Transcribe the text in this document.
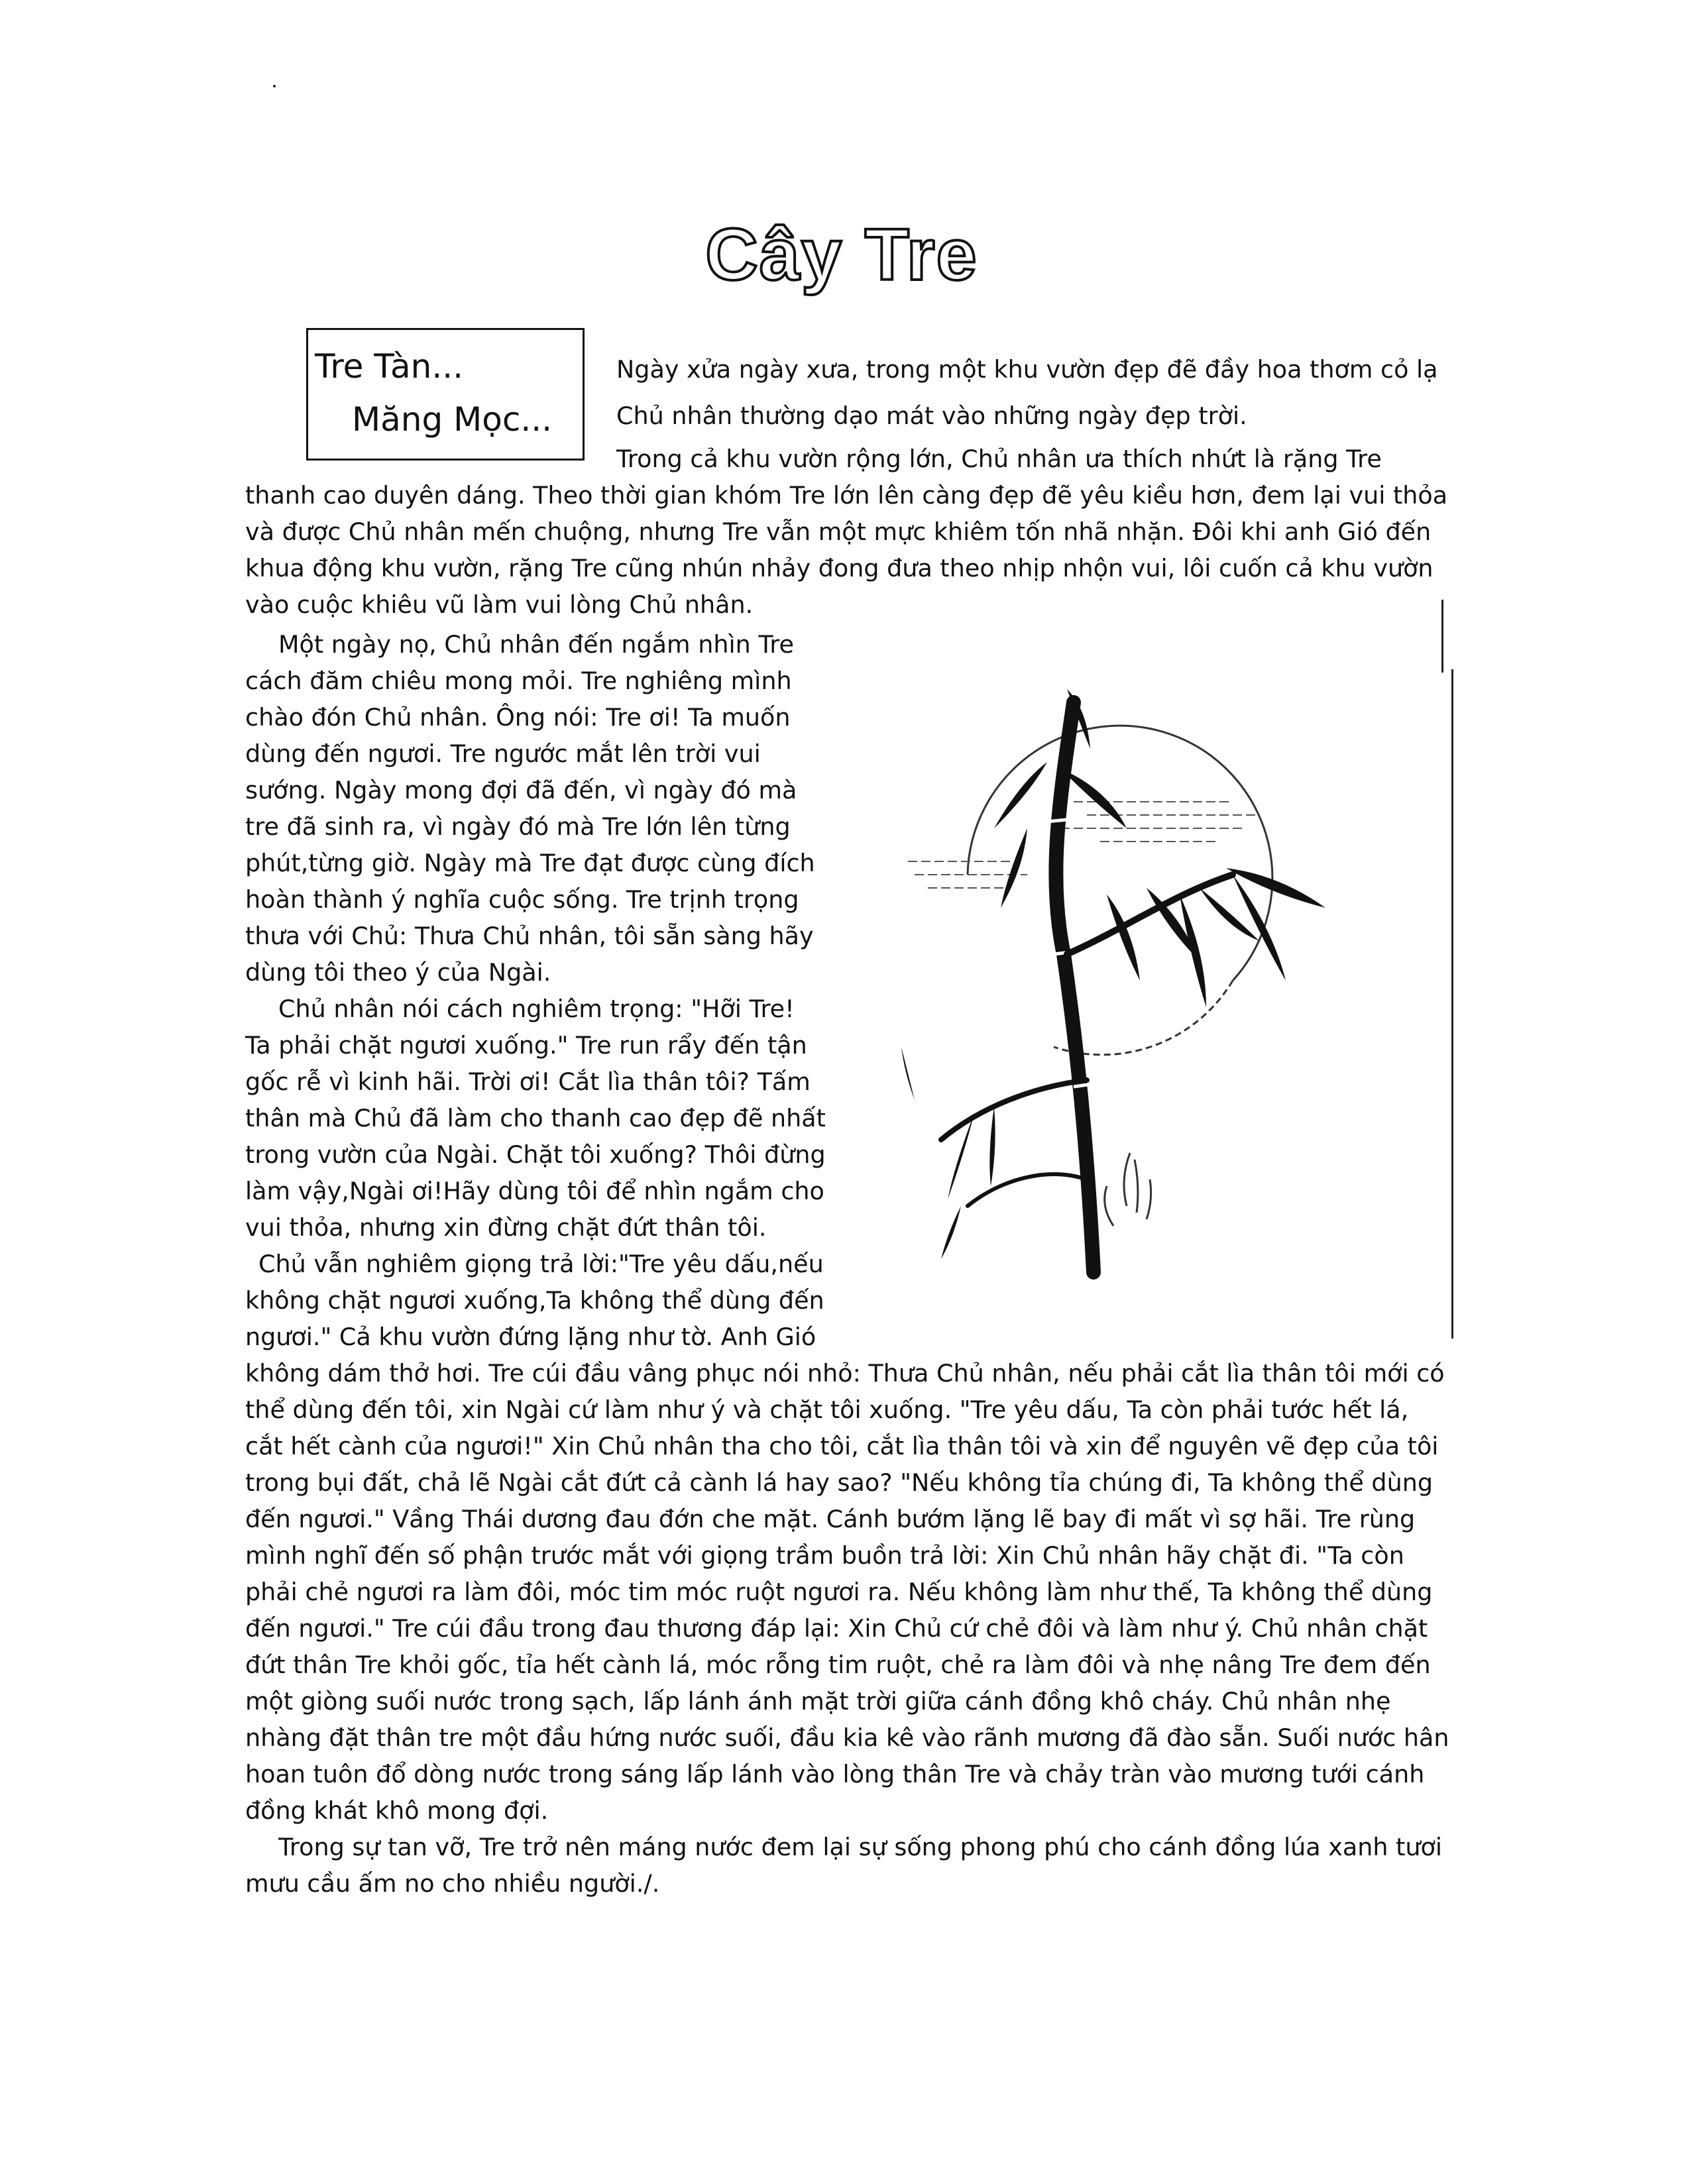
Cây Tre
Tre Tàn...
Măng Mọc...
Ngày xửa ngày xưa, trong một khu vườn đẹp đẽ đầy hoa thơm cỏ lạ
Chủ nhân thường dạo mát vào những ngày đẹp trời.
Trong cả khu vườn rộng lớn, Chủ nhân ưa thích nhứt là rặng Tre
thanh cao duyên dáng. Theo thời gian khóm Tre lớn lên càng đẹp đẽ yêu kiều hơn, đem lại vui thỏa
và được Chủ nhân mến chuộng, nhưng Tre vẫn một mực khiêm tốn nhã nhặn. Đôi khi anh Gió đến
khua động khu vườn, rặng Tre cũng nhún nhảy đong đưa theo nhịp nhộn vui, lôi cuốn cả khu vườn
vào cuộc khiêu vũ làm vui lòng Chủ nhân.
Một ngày nọ, Chủ nhân đến ngắm nhìn Tre
cách đăm chiêu mong mỏi. Tre nghiêng mình
chào đón Chủ nhân. Ông nói: Tre ơi! Ta muốn
dùng đến ngươi. Tre ngước mắt lên trời vui
sướng. Ngày mong đợi đã đến, vì ngày đó mà
tre đã sinh ra, vì ngày đó mà Tre lớn lên từng
phút,từng giờ. Ngày mà Tre đạt được cùng đích
hoàn thành ý nghĩa cuộc sống. Tre trịnh trọng
thưa với Chủ: Thưa Chủ nhân, tôi sẵn sàng hãy
dùng tôi theo ý của Ngài.
Chủ nhân nói cách nghiêm trọng: "Hỡi Tre!
Ta phải chặt ngươi xuống." Tre run rẩy đến tận
gốc rễ vì kinh hãi. Trời ơi! Cắt lìa thân tôi? Tấm
thân mà Chủ đã làm cho thanh cao đẹp đẽ nhất
trong vườn của Ngài. Chặt tôi xuống? Thôi đừng
làm vậy,Ngài ơi!Hãy dùng tôi để nhìn ngắm cho
vui thỏa, nhưng xin đừng chặt đứt thân tôi.
Chủ vẫn nghiêm giọng trả lời:"Tre yêu dấu,nếu
không chặt ngươi xuống,Ta không thể dùng đến
ngươi." Cả khu vườn đứng lặng như tờ. Anh Gió
không dám thở hơi. Tre cúi đầu vâng phục nói nhỏ: Thưa Chủ nhân, nếu phải cắt lìa thân tôi mới có
thể dùng đến tôi, xin Ngài cứ làm như ý và chặt tôi xuống. "Tre yêu dấu, Ta còn phải tước hết lá,
cắt hết cành của ngươi!" Xin Chủ nhân tha cho tôi, cắt lìa thân tôi và xin để nguyên vẽ đẹp của tôi
trong bụi đất, chả lẽ Ngài cắt đứt cả cành lá hay sao? "Nếu không tỉa chúng đi, Ta không thể dùng
đến ngươi." Vầng Thái dương đau đớn che mặt. Cánh bướm lặng lẽ bay đi mất vì sợ hãi. Tre rùng
mình nghĩ đến số phận trước mắt với giọng trầm buồn trả lời: Xin Chủ nhân hãy chặt đi. "Ta còn
phải chẻ ngươi ra làm đôi, móc tim móc ruột ngươi ra. Nếu không làm như thế, Ta không thể dùng
đến ngươi." Tre cúi đầu trong đau thương đáp lại: Xin Chủ cứ chẻ đôi và làm như ý. Chủ nhân chặt
đứt thân Tre khỏi gốc, tỉa hết cành lá, móc rỗng tim ruột, chẻ ra làm đôi và nhẹ nâng Tre đem đến
một giòng suối nước trong sạch, lấp lánh ánh mặt trời giữa cánh đồng khô cháy. Chủ nhân nhẹ
nhàng đặt thân tre một đầu hứng nước suối, đầu kia kê vào rãnh mương đã đào sẵn. Suối nước hân
hoan tuôn đổ dòng nước trong sáng lấp lánh vào lòng thân Tre và chảy tràn vào mương tưới cánh
đồng khát khô mong đợi.
Trong sự tan vỡ, Tre trở nên máng nước đem lại sự sống phong phú cho cánh đồng lúa xanh tươi
mưu cầu ấm no cho nhiều người./.
